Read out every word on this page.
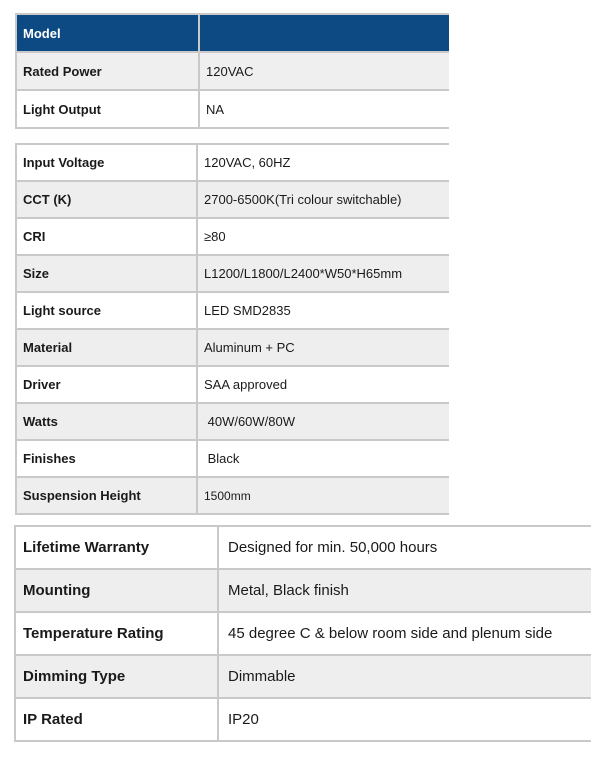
Model	
Rated Power	120VAC
Light Output	NA
Input Voltage	120VAC, 60HZ
CCT (K)	2700-6500K(Tri colour switchable)
CRI	≥80
Size	L1200/L1800/L2400*W50*H65mm
Light source	LED SMD2835
Material	Aluminum + PC
Driver	SAA approved
Watts	40W/60W/80W
Finishes	Black
Suspension Height	1500mm
Lifetime Warranty	Designed for min. 50,000 hours
Mounting	Metal, Black finish
Temperature Rating	45 degree C & below room side and plenum side
Dimming Type	Dimmable
IP Rated	IP20
